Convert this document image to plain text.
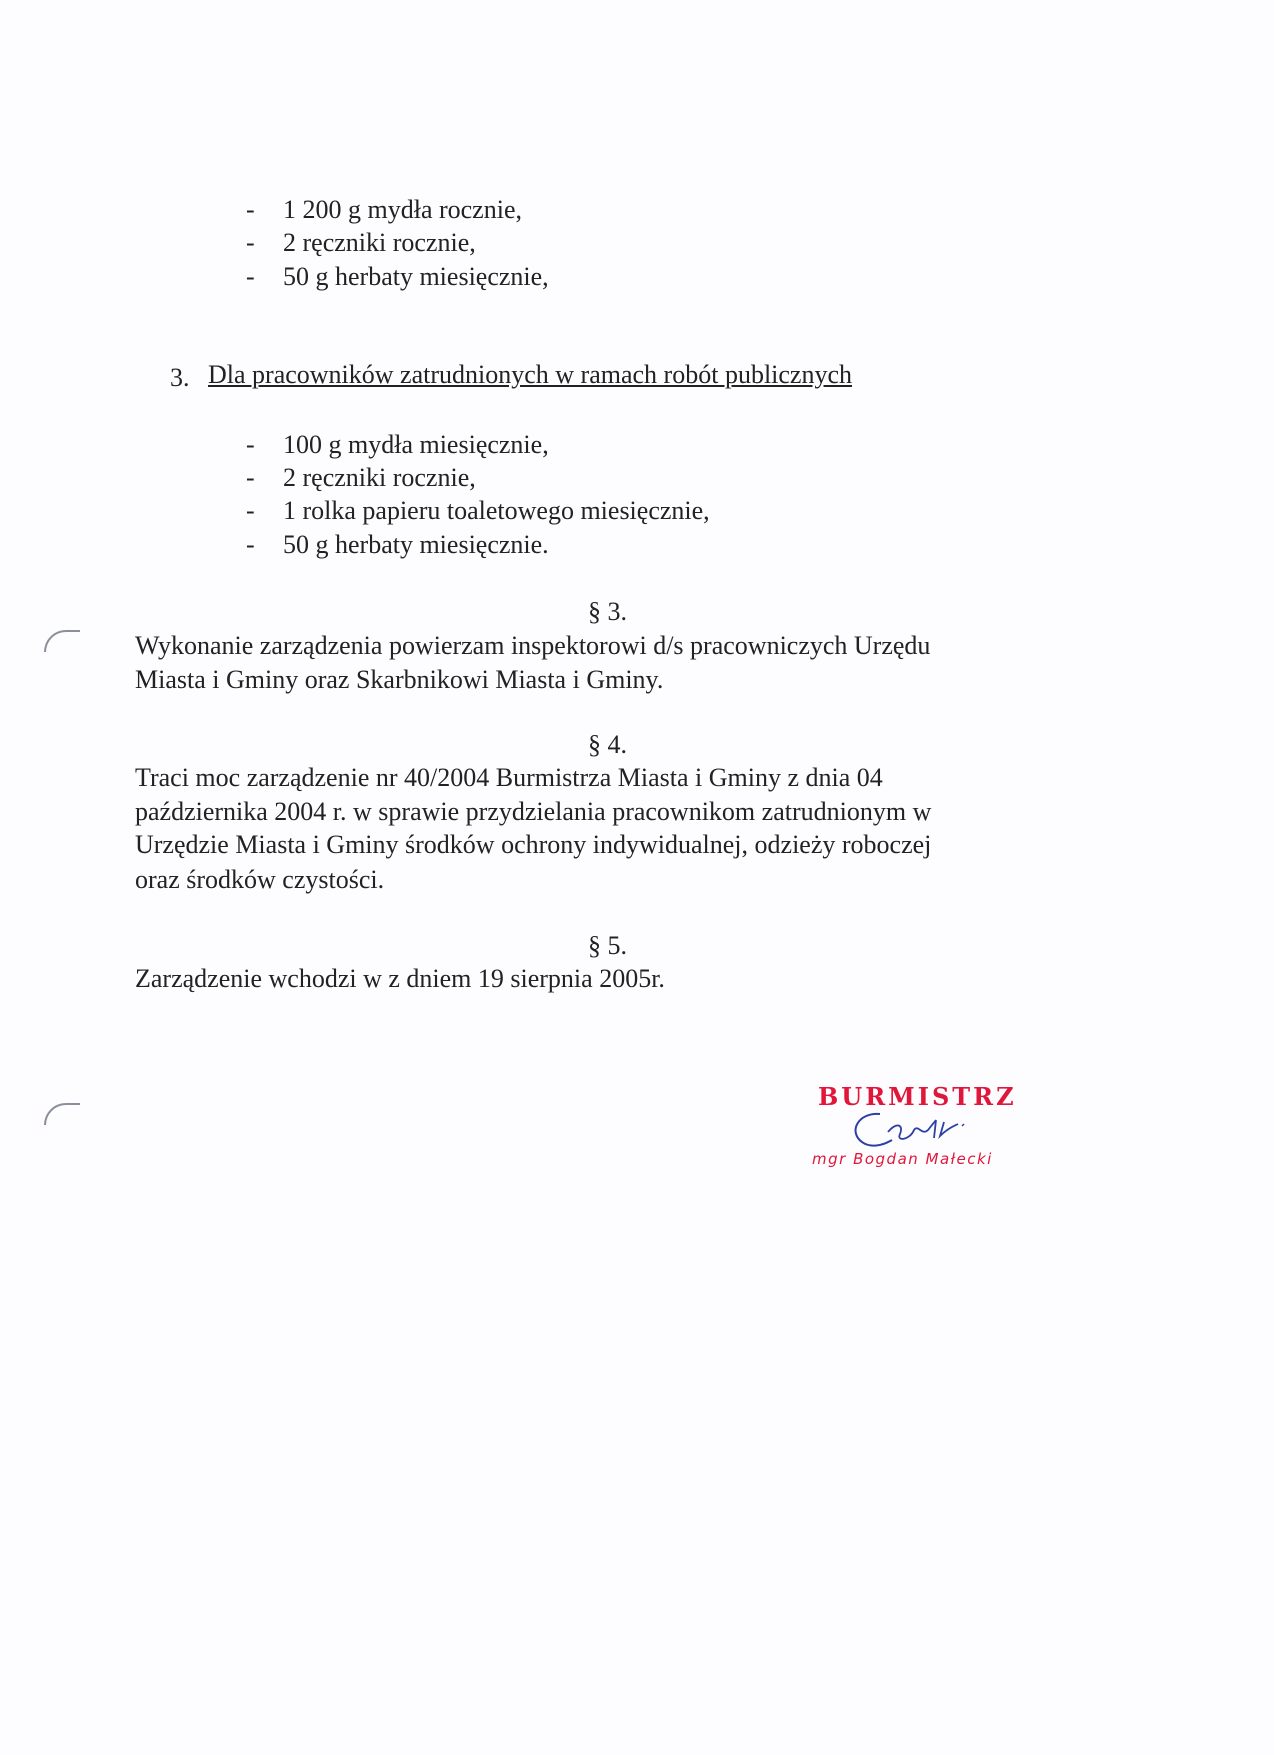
- 1 200 g mydła rocznie,
- 2 ręczniki rocznie,
- 50 g herbaty miesięcznie,
3. Dla pracowników zatrudnionych w ramach robót publicznych
- 100 g mydła miesięcznie,
- 2 ręczniki rocznie,
- 1 rolka papieru toaletowego miesięcznie,
- 50 g herbaty miesięcznie.
§ 3.
Wykonanie zarządzenia powierzam inspektorowi d/s pracowniczych Urzędu
Miasta i Gminy oraz Skarbnikowi Miasta i Gminy.
§ 4.
Traci moc zarządzenie nr 40/2004 Burmistrza Miasta i Gminy z dnia 04
października 2004 r. w sprawie przydzielania pracownikom zatrudnionym w
Urzędzie Miasta i Gminy środków ochrony indywidualnej, odzieży roboczej
oraz środków czystości.
§ 5.
Zarządzenie wchodzi w z dniem 19 sierpnia 2005r.
BURMISTRZ
mgr Bogdan Małecki
